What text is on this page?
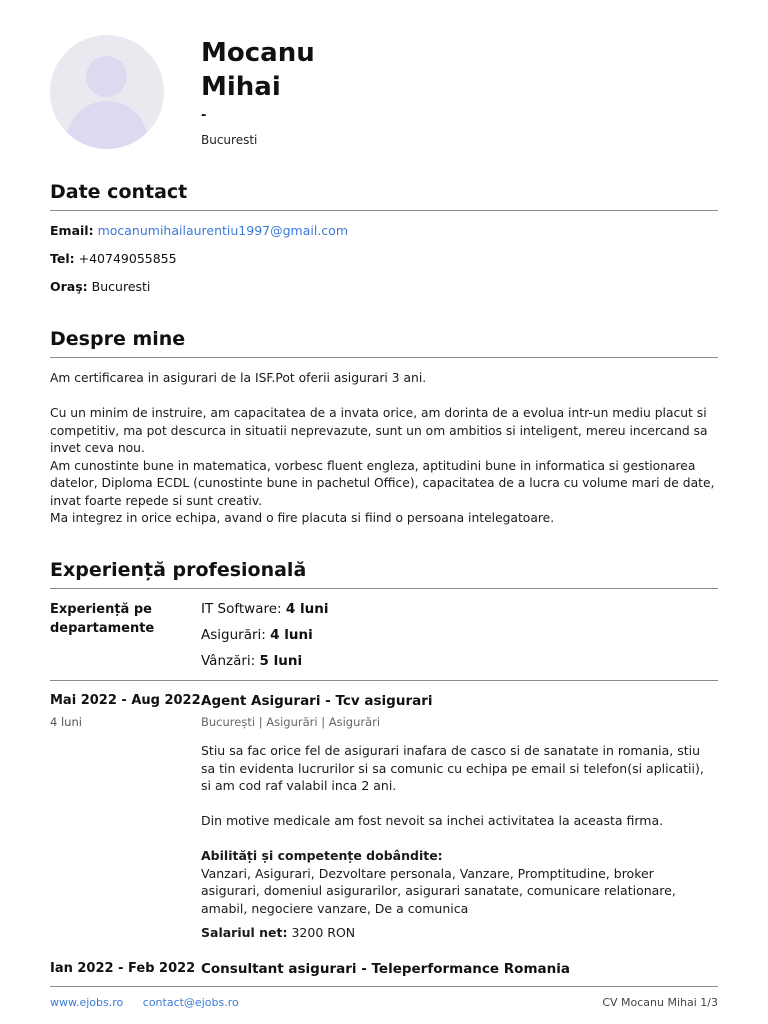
Mocanu
Mihai
-
Bucuresti
Date contact
Email: mocanumihailaurentiu1997@gmail.com
Tel: +40749055855
Oraş: Bucuresti
Despre mine

Am certificarea in asigurari de la ISF.Pot oferii asigurari 3 ani.

Cu un minim de instruire, am capacitatea de a invata orice, am dorinta de a evolua intr-un mediu placut si competitiv, ma pot descurca in situatii neprevazute, sunt un om ambitios si inteligent, mereu incercand sa invet ceva nou.

Am cunostinte bune in matematica, vorbesc fluent engleza, aptitudini bune in informatica si gestionarea datelor, Diploma ECDL (cunostinte bune in pachetul Office), capacitatea de a lucra cu volume mari de date, invat foarte repede si sunt creativ.

Ma integrez in orice echipa, avand o fire placuta si fiind o persoana intelegatoare.

Experiență profesională
Experiență pe departamente
IT Software: 4 luni
Asigurări: 4 luni
Vânzări: 5 luni
Mai 2022 - Aug 2022
4 luni
Agent Asigurari - Tcv asigurari
București | Asigurări | Asigurări

Stiu sa fac orice fel de asigurari inafara de casco si de sanatate in romania, stiu sa tin evidenta lucrurilor si sa comunic cu echipa pe email si telefon(si aplicatii), si am cod raf valabil inca 2 ani.

Din motive medicale am fost nevoit sa inchei activitatea la aceasta firma.

Abilități și competențe dobândite:

Vanzari, Asigurari, Dezvoltare personala, Vanzare, Promptitudine, broker asigurari, domeniul asigurarilor, asigurari sanatate, comunicare relationare, amabil, negociere vanzare, De a comunica

Salariul net: 3200 RON
Ian 2022 - Feb 2022 Consultant asigurari - Teleperformance Romania
www.ejobs.ro contact@ejobs.ro	CV Mocanu Mihai 1/3
